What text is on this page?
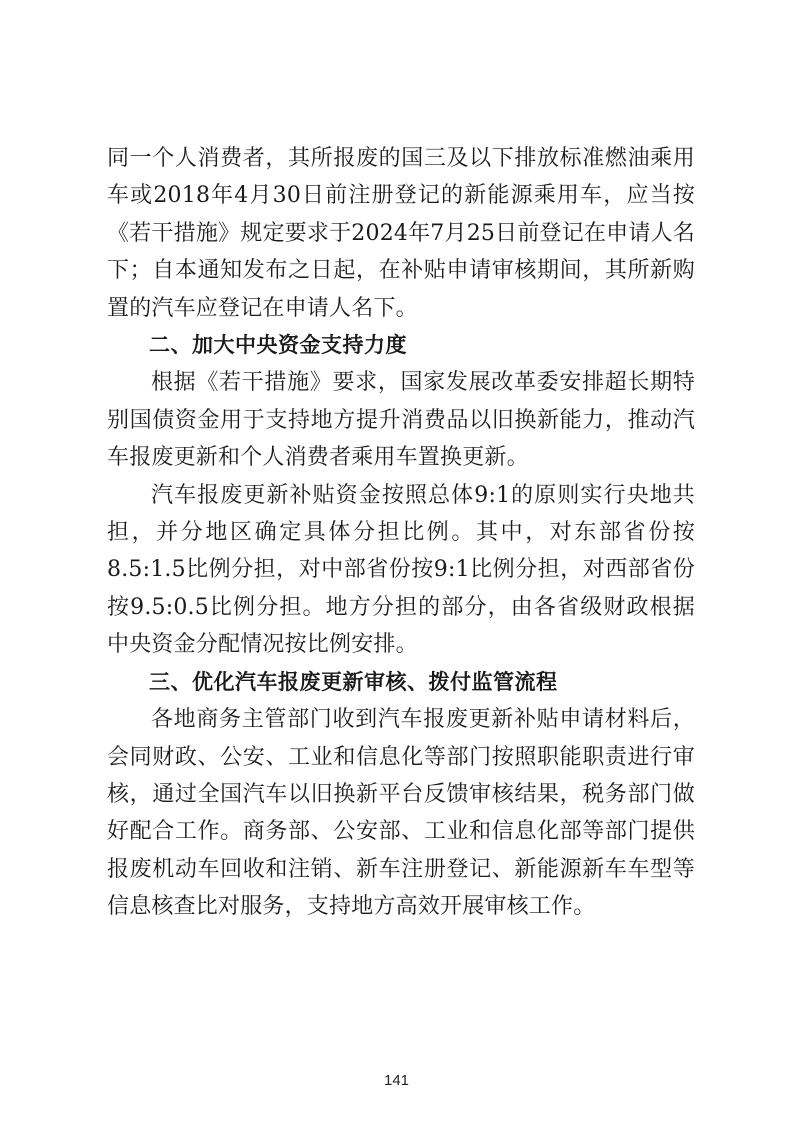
同一个人消费者，其所报废的国三及以下排放标准燃油乘用车或2018年4月30日前注册登记的新能源乘用车，应当按《若干措施》规定要求于2024年7月25日前登记在申请人名下；自本通知发布之日起，在补贴申请审核期间，其所新购置的汽车应登记在申请人名下。

二、加大中央资金支持力度

根据《若干措施》要求，国家发展改革委安排超长期特别国债资金用于支持地方提升消费品以旧换新能力，推动汽车报废更新和个人消费者乘用车置换更新。

汽车报废更新补贴资金按照总体9:1的原则实行央地共担，并分地区确定具体分担比例。其中，对东部省份按8.5:1.5比例分担，对中部省份按9:1比例分担，对西部省份按9.5:0.5比例分担。地方分担的部分，由各省级财政根据中央资金分配情况按比例安排。

三、优化汽车报废更新审核、拨付监管流程

各地商务主管部门收到汽车报废更新补贴申请材料后，会同财政、公安、工业和信息化等部门按照职能职责进行审核，通过全国汽车以旧换新平台反馈审核结果，税务部门做好配合工作。商务部、公安部、工业和信息化部等部门提供报废机动车回收和注销、新车注册登记、新能源新车车型等信息核查比对服务，支持地方高效开展审核工作。

141
